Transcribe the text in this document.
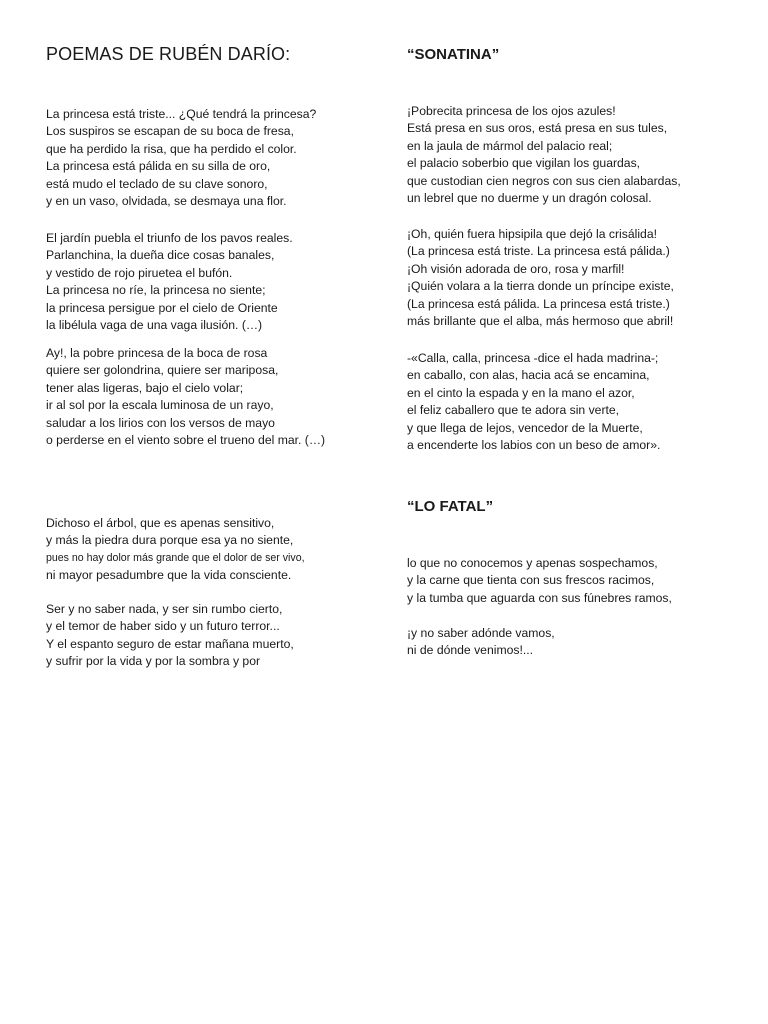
POEMAS DE RUBÉN DARÍO:
La princesa está triste... ¿Qué tendrá la princesa?
Los suspiros se escapan de su boca de fresa,
que ha perdido la risa, que ha perdido el color.
La princesa está pálida en su silla de oro,
está mudo el teclado de su clave sonoro,
y en un vaso, olvidada, se desmaya una flor.
El jardín puebla el triunfo de los pavos reales.
Parlanchina, la dueña dice cosas banales,
y vestido de rojo piruetea el bufón.
La princesa no ríe, la princesa no siente;
la princesa persigue por el cielo de Oriente
la libélula vaga de una vaga ilusión. (…)
Ay!, la pobre princesa de la boca de rosa
quiere ser golondrina, quiere ser mariposa,
tener alas ligeras, bajo el cielo volar;
ir al sol por la escala luminosa de un rayo,
saludar a los lirios con los versos de mayo
o perderse en el viento sobre el trueno del mar. (…)
Dichoso el árbol, que es apenas sensitivo,
y más la piedra dura porque esa ya no siente,
pues no hay dolor más grande que el dolor de ser vivo,
ni mayor pesadumbre que la vida consciente.
Ser y no saber nada, y ser sin rumbo cierto,
y el temor de haber sido y un futuro terror...
Y el espanto seguro de estar mañana muerto,
y sufrir por la vida y por la sombra y por
“SONATINA”
¡Pobrecita princesa de los ojos azules!
Está presa en sus oros, está presa en sus tules,
en la jaula de mármol del palacio real;
el palacio soberbio que vigilan los guardas,
que custodian cien negros con sus cien alabardas,
un lebrel que no duerme y un dragón colosal.
¡Oh, quién fuera hipsipila que dejó la crisálida!
(La princesa está triste. La princesa está pálida.)
¡Oh visión adorada de oro, rosa y marfil!
¡Quién volara a la tierra donde un príncipe existe,
(La princesa está pálida. La princesa está triste.)
más brillante que el alba, más hermoso que abril!
-«Calla, calla, princesa -dice el hada madrina-;
en caballo, con alas, hacia acá se encamina,
en el cinto la espada y en la mano el azor,
el feliz caballero que te adora sin verte,
y que llega de lejos, vencedor de la Muerte,
a encenderte los labios con un beso de amor».
“LO FATAL”
lo que no conocemos y apenas sospechamos,
y la carne que tienta con sus frescos racimos,
y la tumba que aguarda con sus fúnebres ramos,
¡y no saber adónde vamos,
ni de dónde venimos!...
